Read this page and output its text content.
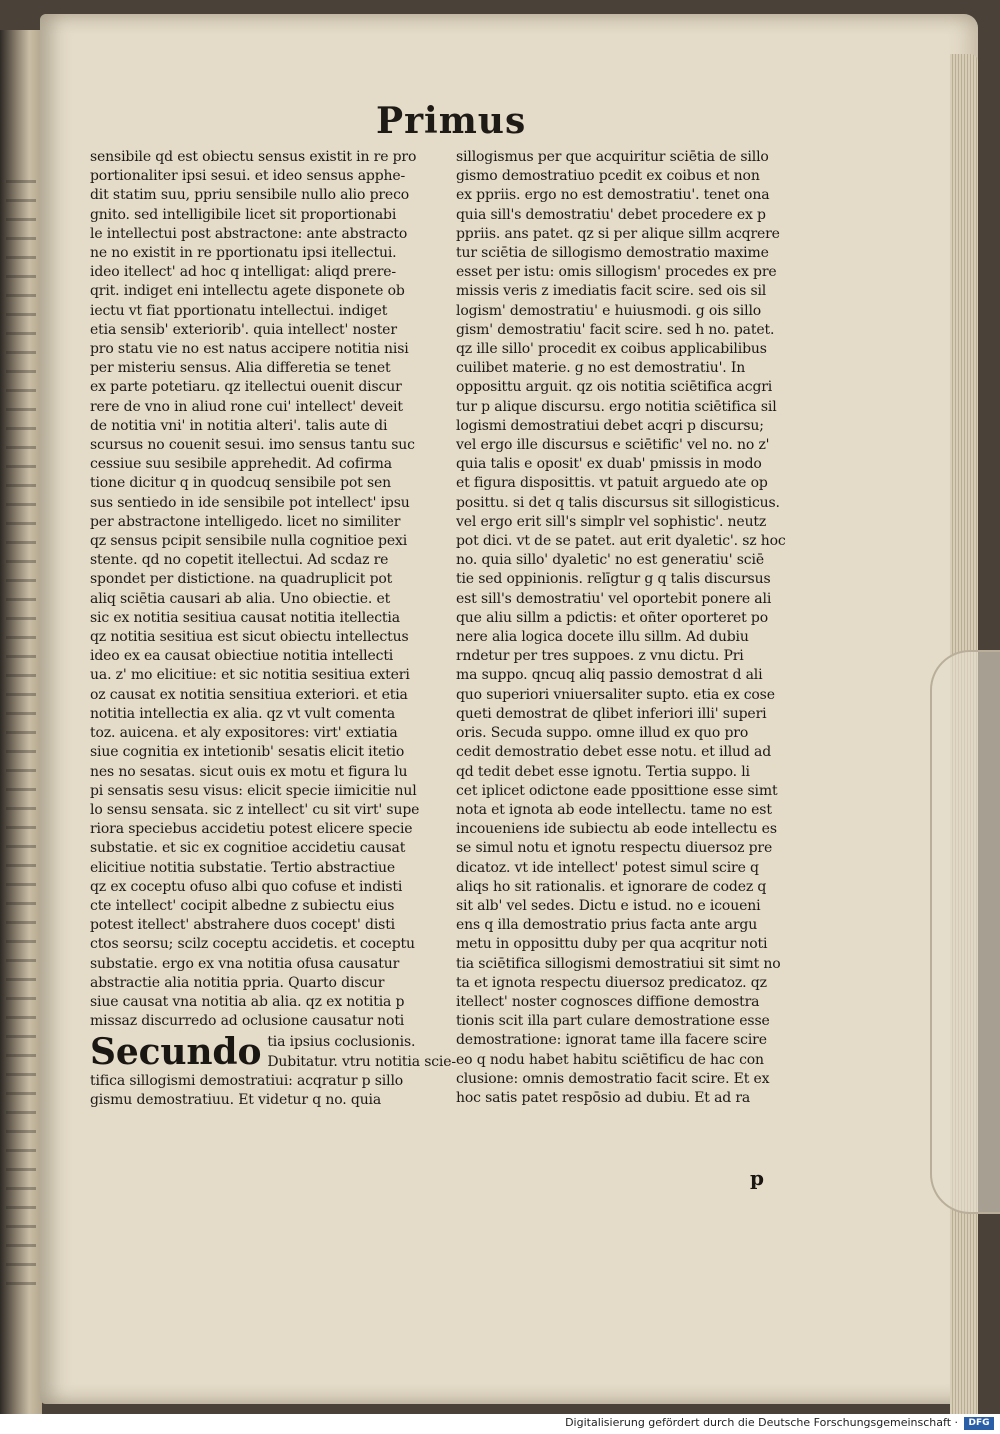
Primus
sensibile qd est obiectu sensus existit in re pro
portionaliter ipsi sesui. et ideo sensus apphe-
dit statim suu, ppriu sensibile nullo alio preco
gnito. sed intelligibile licet sit proportionabi
le intellectui post abstractone: ante abstracto
ne no existit in re pportionatu ipsi itellectui.
ideo itellect' ad hoc q intelligat: aliqd prere-
qrit. indiget eni intellectu agete disponete ob
iectu vt fiat pportionatu intellectui. indiget
etia sensib' exteriorib'. quia intellect' noster
pro statu vie no est natus accipere notitia nisi
per misteriu sensus. Alia differetia se tenet
ex parte potetiaru. qz itellectui ouenit discur
rere de vno in aliud rone cui' intellect' deveit
de notitia vni' in notitia alteri'. talis aute di
scursus no couenit sesui. imo sensus tantu suc
cessiue suu sesibile apprehedit. Ad cofirma
tione dicitur q in quodcuq sensibile pot sen
sus sentiedo in ide sensibile pot intellect' ipsu
per abstractone intelligedo. licet no similiter
qz sensus pcipit sensibile nulla cognitioe pexi
stente. qd no copetit itellectui. Ad scdaz re
spondet per distictione. na quadruplicit pot
aliq sciētia causari ab alia. Uno obiectie. et
sic ex notitia sesitiua causat notitia itellectia
qz notitia sesitiua est sicut obiectu intellectus
ideo ex ea causat obiectiue notitia intellecti
ua. z' mo elicitiue: et sic notitia sesitiua exteri
oz causat ex notitia sensitiua exteriori. et etia
notitia intellectia ex alia. qz vt vult comenta
toz. auicena. et aly expositores: virt' extiatia
siue cognitia ex intetionib' sesatis elicit itetio
nes no sesatas. sicut ouis ex motu et figura lu
pi sensatis sesu visus: elicit specie iimicitie nul
lo sensu sensata. sic z intellect' cu sit virt' supe
riora speciebus accidetiu potest elicere specie
substatie. et sic ex cognitioe accidetiu causat
elicitiue notitia substatie. Tertio abstractiue
qz ex coceptu ofuso albi quo cofuse et indisti
cte intellect' cocipit albedne z subiectu eius
potest itellect' abstrahere duos cocept' disti
ctos seorsu; scilz coceptu accidetis. et coceptu
substatie. ergo ex vna notitia ofusa causatur
abstractie alia notitia ppria. Quarto discur
siue causat vna notitia ab alia. qz ex notitia p
missaz discurredo ad oclusione causatur noti
Secundo tia ipsius coclusionis.
Dubitatur. vtru notitia scie-
tifica sillogismi demostratiui: acqratur p sillo
gismu demostratiuu. Et videtur q no. quia
sillogismus per que acquiritur sciētia de sillo
gismo demostratiuo pcedit ex coibus et non
ex ppriis. ergo no est demostratiu'. tenet ona
quia sill's demostratiu' debet procedere ex p
ppriis. ans patet. qz si per alique sillm acqrere
tur sciētia de sillogismo demostratio maxime
esset per istu: omis sillogism' procedes ex pre
missis veris z imediatis facit scire. sed ois sil
logism' demostratiu' e huiusmodi. g ois sillo
gism' demostratiu' facit scire. sed h no. patet.
qz ille sillo' procedit ex coibus applicabilibus
cuilibet materie. g no est demostratiu'. In
opposittu arguit. qz ois notitia sciētifica acgri
tur p alique discursu. ergo notitia sciētifica sil
logismi demostratiui debet acqri p discursu;
vel ergo ille discursus e sciētific' vel no. no z'
quia talis e oposit' ex duab' pmissis in modo
et figura disposittis. vt patuit arguedo ate op
posittu. si det q talis discursus sit sillogisticus.
vel ergo erit sill's simplr vel sophistic'. neutz
pot dici. vt de se patet. aut erit dyaletic'. sz hoc
no. quia sillo' dyaletic' no est generatiu' sciē
tie sed oppinionis. relīgtur g q talis discursus
est sill's demostratiu' vel oportebit ponere ali
que aliu sillm a pdictis: et oñter oporteret po
nere alia logica docete illu sillm. Ad dubiu
rndetur per tres suppoes. z vnu dictu. Pri
ma suppo. qncuq aliq passio demostrat d ali
quo superiori vniuersaliter supto. etia ex cose
queti demostrat de qlibet inferiori illi' superi
oris. Secuda suppo. omne illud ex quo pro
cedit demostratio debet esse notu. et illud ad
qd tedit debet esse ignotu. Tertia suppo. li
cet iplicet odictone eade pposittione esse simt
nota et ignota ab eode intellectu. tame no est
incoueniens ide subiectu ab eode intellectu es
se simul notu et ignotu respectu diuersoz pre
dicatoz. vt ide intellect' potest simul scire q
aliqs ho sit rationalis. et ignorare de codez q
sit alb' vel sedes. Dictu e istud. no e icoueni
ens q illa demostratio prius facta ante argu
metu in opposittu duby per qua acqritur noti
tia sciētifica sillogismi demostratiui sit simt no
ta et ignota respectu diuersoz predicatoz. qz
itellect' noster cognosces diffione demostra
tionis scit illa part culare demostratione esse
demostratione: ignorat tame illa facere scire
eo q nodu habet habitu sciētificu de hac con
clusione: omnis demostratio facit scire. Et ex
hoc satis patet respōsio ad dubiu. Et ad ra
p
Digitalisierung gefördert durch die Deutsche Forschungsgemeinschaft ·	DFG
